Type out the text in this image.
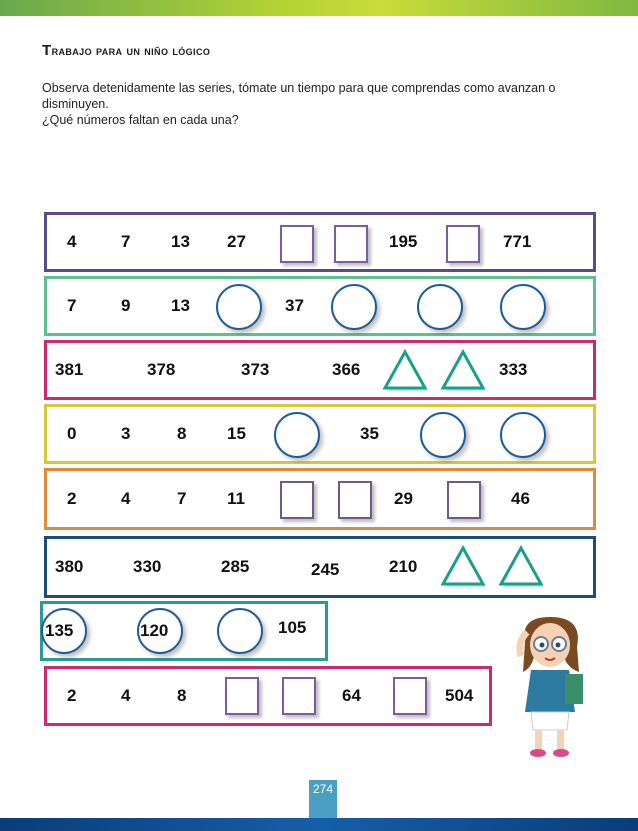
Trabajo para un niño lógico

Observa detenidamente las series, tómate un tiempo para que comprendas como avanzan o disminuyen.

¿Qué números faltan en cada una?

4	7 13 27	195	771
7	9 13	37
381	378	373	366	333
0	3	8 15	35
2	4	7 11	29	46
380	330	285	245	210
135	120	105
2	4	8	64	504
274
